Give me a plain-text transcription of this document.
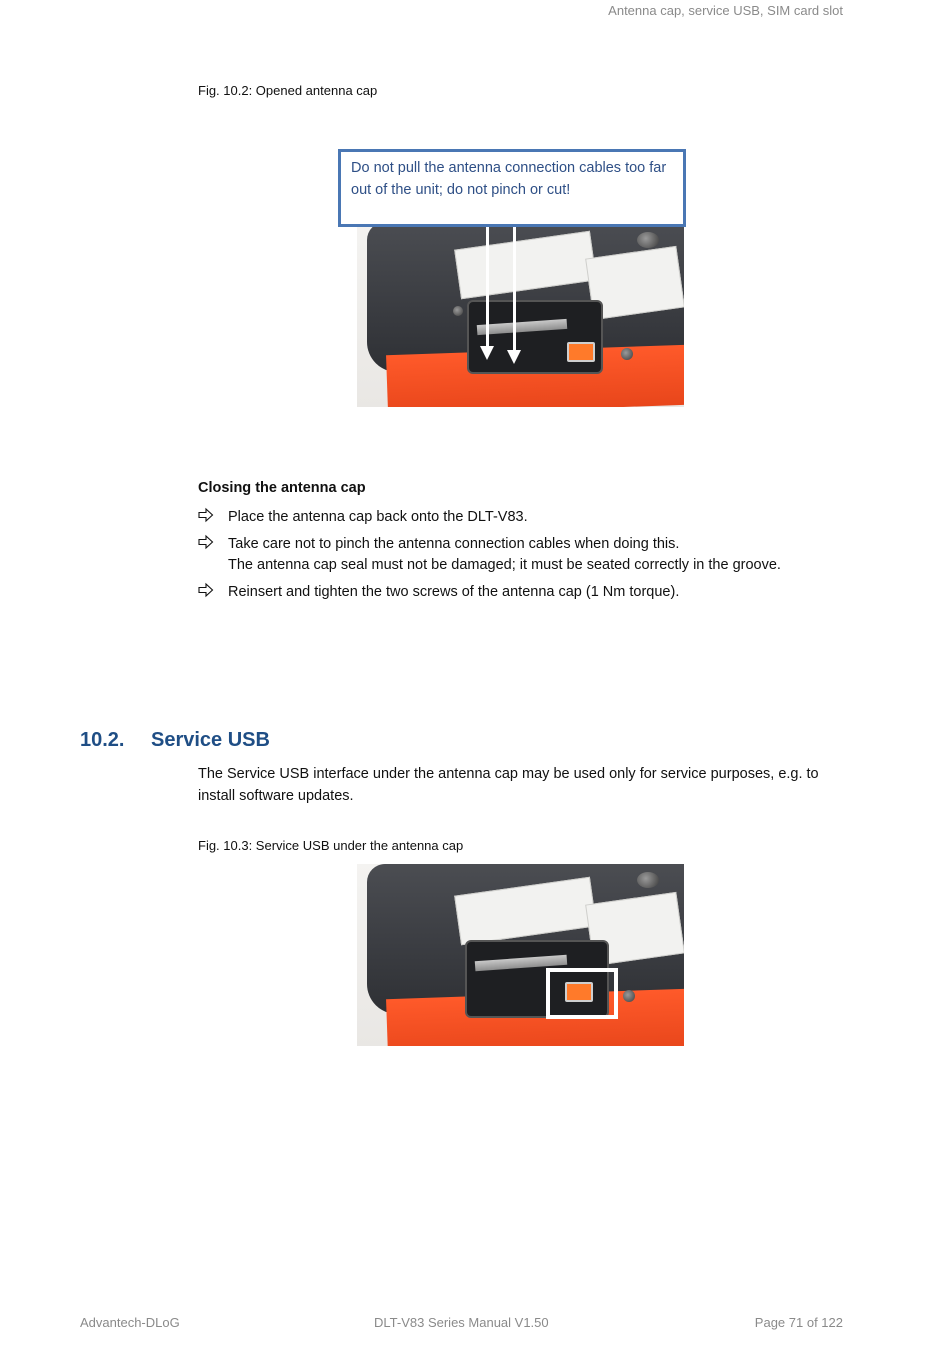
Antenna cap, service USB, SIM card slot
Fig. 10.2: Opened antenna cap
Do not pull the antenna connection cables too far out of the unit; do not pinch or cut!
Closing the antenna cap
Place the antenna cap back onto the DLT-V83.
Take care not to pinch the antenna connection cables when doing this.
The antenna cap seal must not be damaged; it must be seated correctly in the groove.
Reinsert and tighten the two screws of the antenna cap (1 Nm torque).
10.2. Service USB
The Service USB interface under the antenna cap may be used only for service purposes, e.g. to install software updates.
Fig. 10.3: Service USB under the antenna cap
Advantech-DLoG	DLT-V83 Series Manual V1.50	Page 71 of 122
